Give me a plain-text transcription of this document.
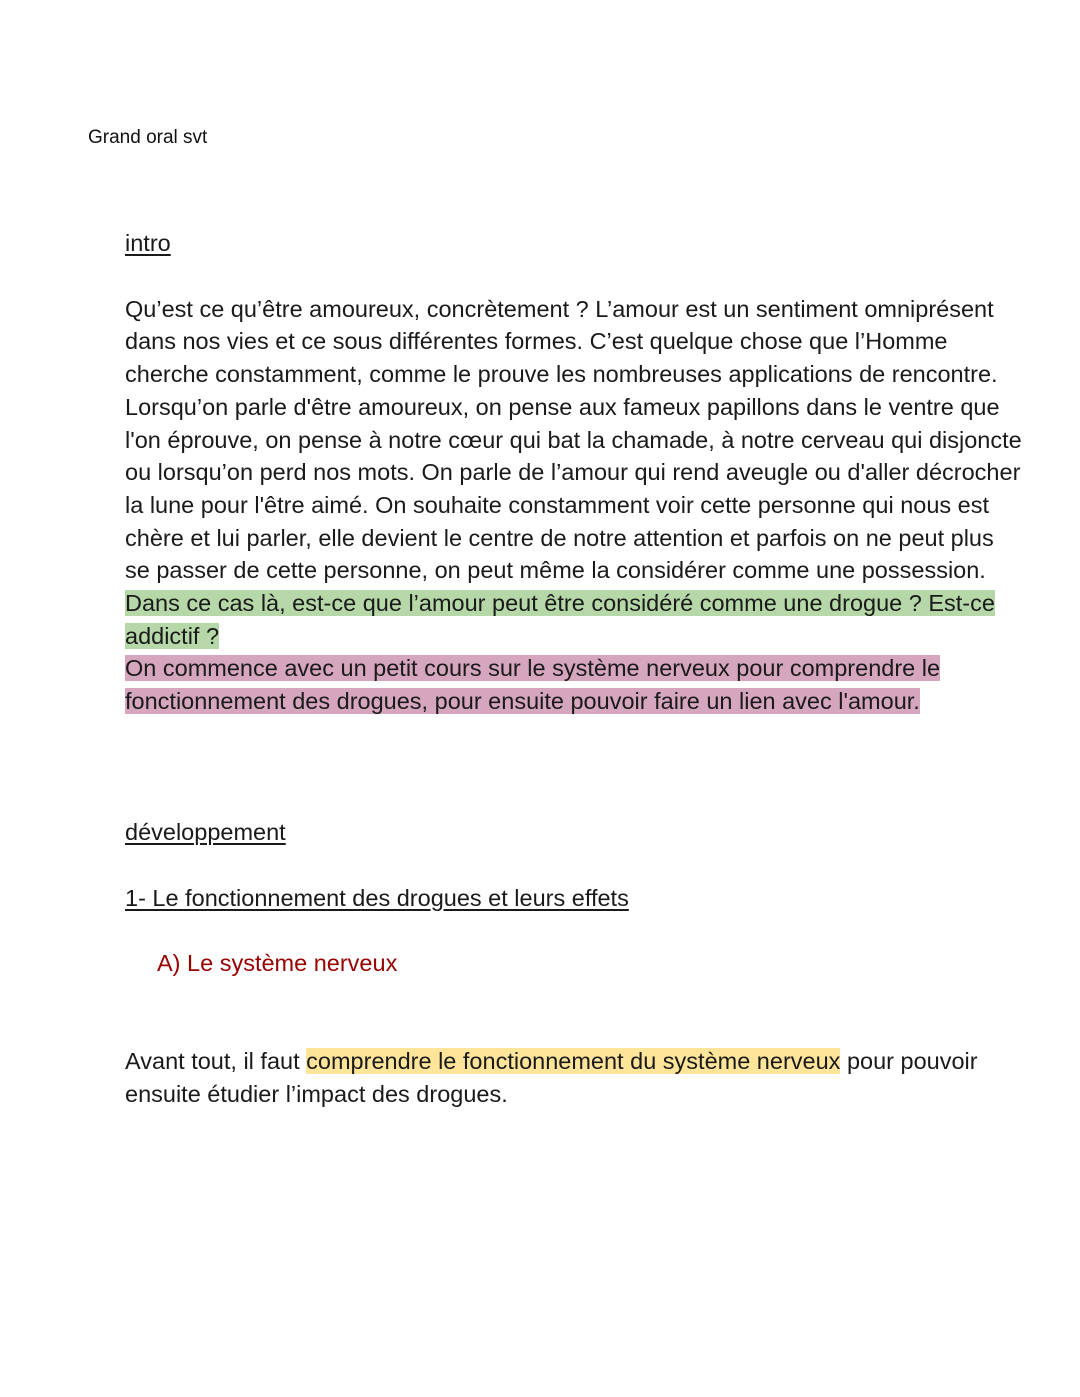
Grand oral svt
intro

Qu’est ce qu’être amoureux, concrètement ? L’amour est un sentiment omniprésent dans nos vies et ce sous différentes formes. C’est quelque chose que l’Homme cherche constamment, comme le prouve les nombreuses applications de rencontre.

Lorsqu’on parle d'être amoureux, on pense aux fameux papillons dans le ventre que l'on éprouve, on pense à notre cœur qui bat la chamade, à notre cerveau qui disjoncte ou lorsqu’on perd nos mots. On parle de l’amour qui rend aveugle ou d'aller décrocher la lune pour l'être aimé. On souhaite constamment voir cette personne qui nous est chère et lui parler, elle devient le centre de notre attention et parfois on ne peut plus se passer de cette personne, on peut même la considérer comme une possession.

Dans ce cas là, est-ce que l’amour peut être considéré comme une drogue ? Est-ce addictif ?

On commence avec un petit cours sur le système nerveux pour comprendre le fonctionnement des drogues, pour ensuite pouvoir faire un lien avec l'amour.

développement
1- Le fonctionnement des drogues et leurs effets
A) Le système nerveux

Avant tout, il faut comprendre le fonctionnement du système nerveux pour pouvoir ensuite étudier l’impact des drogues.
